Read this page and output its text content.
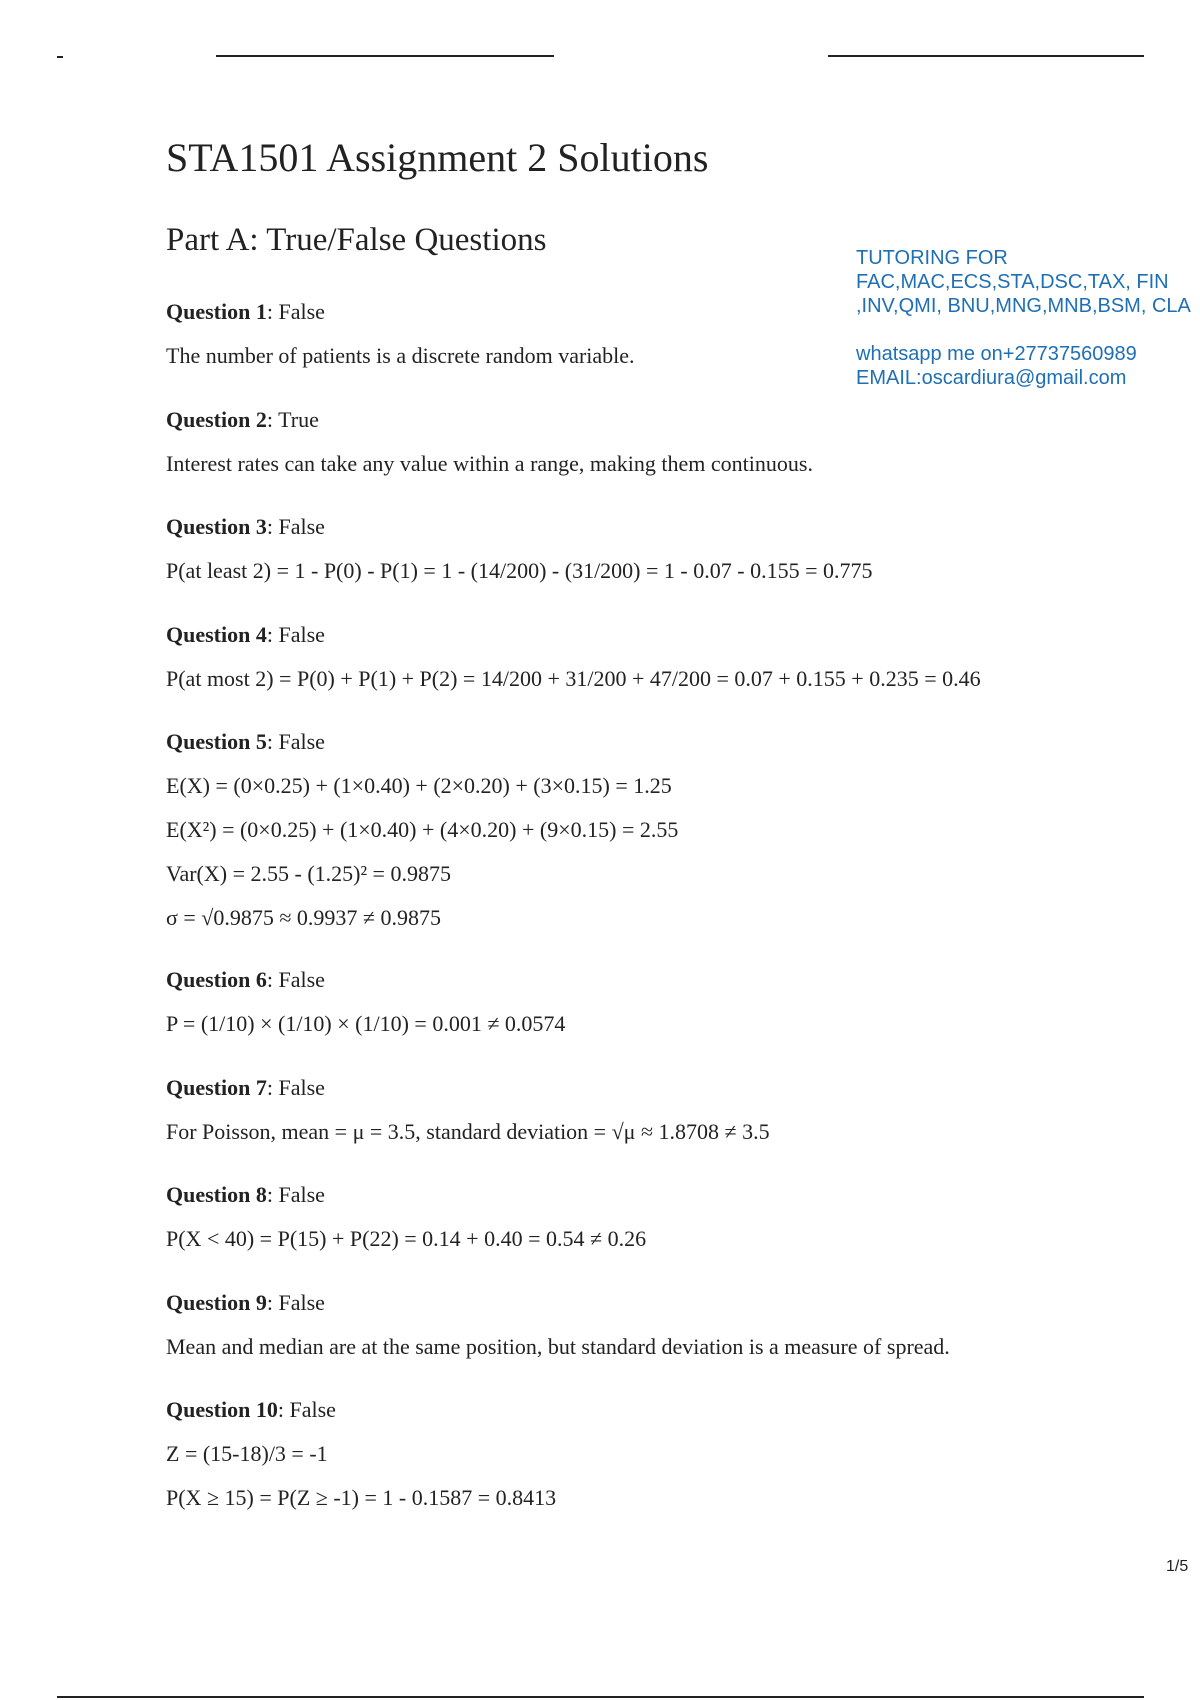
STA1501 Assignment 2 Solutions
Part A: True/False Questions	TUTORING FOR
FAC,MAC,ECS,STA,DSC,TAX, FIN
,INV,QMI, BNU,MNG,MNB,BSM, CLA
whatsapp me on+27737560989
EMAIL:oscardiura@gmail.com
Question 1: False
The number of patients is a discrete random variable.
Question 2: True
Interest rates can take any value within a range, making them continuous.
Question 3: False
P(at least 2) = 1 - P(0) - P(1) = 1 - (14/200) - (31/200) = 1 - 0.07 - 0.155 = 0.775
Question 4: False
P(at most 2) = P(0) + P(1) + P(2) = 14/200 + 31/200 + 47/200 = 0.07 + 0.155 + 0.235 = 0.46
Question 5: False
E(X) = (0×0.25) + (1×0.40) + (2×0.20) + (3×0.15) = 1.25
E(X²) = (0×0.25) + (1×0.40) + (4×0.20) + (9×0.15) = 2.55
Var(X) = 2.55 - (1.25)² = 0.9875
σ = √0.9875 ≈ 0.9937 ≠ 0.9875
Question 6: False
P = (1/10) × (1/10) × (1/10) = 0.001 ≠ 0.0574
Question 7: False
For Poisson, mean = μ = 3.5, standard deviation = √μ ≈ 1.8708 ≠ 3.5
Question 8: False
P(X < 40) = P(15) + P(22) = 0.14 + 0.40 = 0.54 ≠ 0.26
Question 9: False
Mean and median are at the same position, but standard deviation is a measure of spread.
Question 10: False
Z = (15-18)/3 = -1
P(X ≥ 15) = P(Z ≥ -1) = 1 - 0.1587 = 0.8413
1/5
